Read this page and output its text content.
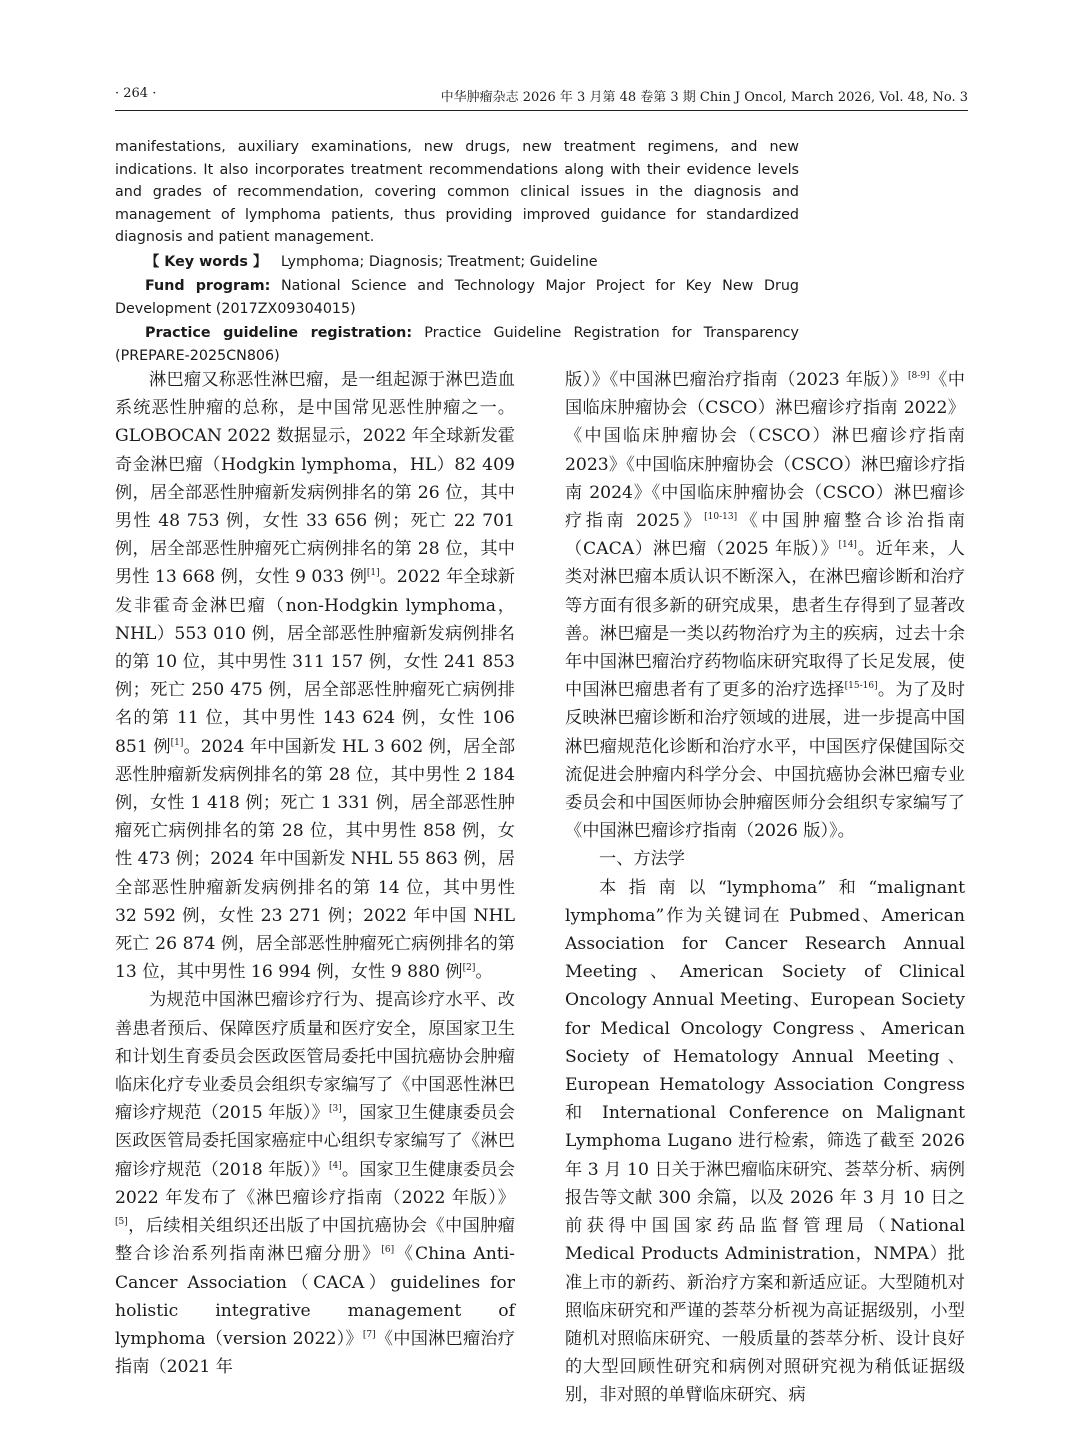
· 264 ·	中华肿瘤杂志 2026 年 3 月第 48 卷第 3 期 Chin J Oncol, March 2026, Vol. 48, No. 3

manifestations, auxiliary examinations, new drugs, new treatment regimens, and new indications. It also incorporates treatment recommendations along with their evidence levels and grades of recommendation, covering common clinical issues in the diagnosis and management of lymphoma patients, thus providing improved guidance for standardized diagnosis and patient management.

【 Key words 】 Lymphoma; Diagnosis; Treatment; Guideline

Fund program: National Science and Technology Major Project for Key New Drug Development (2017ZX09304015)

Practice guideline registration: Practice Guideline Registration for Transparency (PREPARE-2025CN806)

淋巴瘤又称恶性淋巴瘤，是一组起源于淋巴造血系统恶性肿瘤的总称，是中国常见恶性肿瘤之一。GLOBOCAN 2022 数据显示，2022 年全球新发霍奇金淋巴瘤（Hodgkin lymphoma，HL）82 409 例，居全部恶性肿瘤新发病例排名的第 26 位，其中男性 48 753 例，女性 33 656 例；死亡 22 701 例，居全部恶性肿瘤死亡病例排名的第 28 位，其中男性 13 668 例，女性 9 033 例[1]。2022 年全球新发非霍奇金淋巴瘤（non-Hodgkin lymphoma，NHL）553 010 例，居全部恶性肿瘤新发病例排名的第 10 位，其中男性 311 157 例，女性 241 853 例；死亡 250 475 例，居全部恶性肿瘤死亡病例排名的第 11 位，其中男性 143 624 例，女性 106 851 例[1]。2024 年中国新发 HL 3 602 例，居全部恶性肿瘤新发病例排名的第 28 位，其中男性 2 184 例，女性 1 418 例；死亡 1 331 例，居全部恶性肿瘤死亡病例排名的第 28 位，其中男性 858 例，女性 473 例；2024 年中国新发 NHL 55 863 例，居全部恶性肿瘤新发病例排名的第 14 位，其中男性 32 592 例，女性 23 271 例；2022 年中国 NHL 死亡 26 874 例，居全部恶性肿瘤死亡病例排名的第 13 位，其中男性 16 994 例，女性 9 880 例[2]。

为规范中国淋巴瘤诊疗行为、提高诊疗水平、改善患者预后、保障医疗质量和医疗安全，原国家卫生和计划生育委员会医政医管局委托中国抗癌协会肿瘤临床化疗专业委员会组织专家编写了《中国恶性淋巴瘤诊疗规范（2015 年版）》[3]，国家卫生健康委员会医政医管局委托国家癌症中心组织专家编写了《淋巴瘤诊疗规范（2018 年版）》[4]。国家卫生健康委员会 2022 年发布了《淋巴瘤诊疗指南（2022 年版）》[5]，后续相关组织还出版了中国抗癌协会《中国肿瘤整合诊治系列指南淋巴瘤分册》[6]《China Anti-Cancer Association（CACA）guidelines for holistic integrative management of lymphoma（version 2022）》[7]《中国淋巴瘤治疗指南（2021 年

版）》《中国淋巴瘤治疗指南（2023 年版）》[8-9]《中国临床肿瘤协会（CSCO）淋巴瘤诊疗指南 2022》《中国临床肿瘤协会（CSCO）淋巴瘤诊疗指南 2023》《中国临床肿瘤协会（CSCO）淋巴瘤诊疗指南 2024》《中国临床肿瘤协会（CSCO）淋巴瘤诊疗指南 2025》[10-13]《中国肿瘤整合诊治指南（CACA）淋巴瘤（2025 年版）》[14]。近年来，人类对淋巴瘤本质认识不断深入，在淋巴瘤诊断和治疗等方面有很多新的研究成果，患者生存得到了显著改善。淋巴瘤是一类以药物治疗为主的疾病，过去十余年中国淋巴瘤治疗药物临床研究取得了长足发展，使中国淋巴瘤患者有了更多的治疗选择[15-16]。为了及时反映淋巴瘤诊断和治疗领域的进展，进一步提高中国淋巴瘤规范化诊断和治疗水平，中国医疗保健国际交流促进会肿瘤内科学分会、中国抗癌协会淋巴瘤专业委员会和中国医师协会肿瘤医师分会组织专家编写了《中国淋巴瘤诊疗指南（2026 版）》。

一、方法学

本指南以“lymphoma”和“malignant lymphoma”作为关键词在 Pubmed、American Association for Cancer Research Annual Meeting、American Society of Clinical Oncology Annual Meeting、European Society for Medical Oncology Congress、American Society of Hematology Annual Meeting、European Hematology Association Congress 和 International Conference on Malignant Lymphoma Lugano 进行检索，筛选了截至 2026 年 3 月 10 日关于淋巴瘤临床研究、荟萃分析、病例报告等文献 300 余篇，以及 2026 年 3 月 10 日之前获得中国国家药品监督管理局（National Medical Products Administration，NMPA）批准上市的新药、新治疗方案和新适应证。大型随机对照临床研究和严谨的荟萃分析视为高证据级别，小型随机对照临床研究、一般质量的荟萃分析、设计良好的大型回顾性研究和病例对照研究视为稍低证据级别，非对照的单臂临床研究、病
